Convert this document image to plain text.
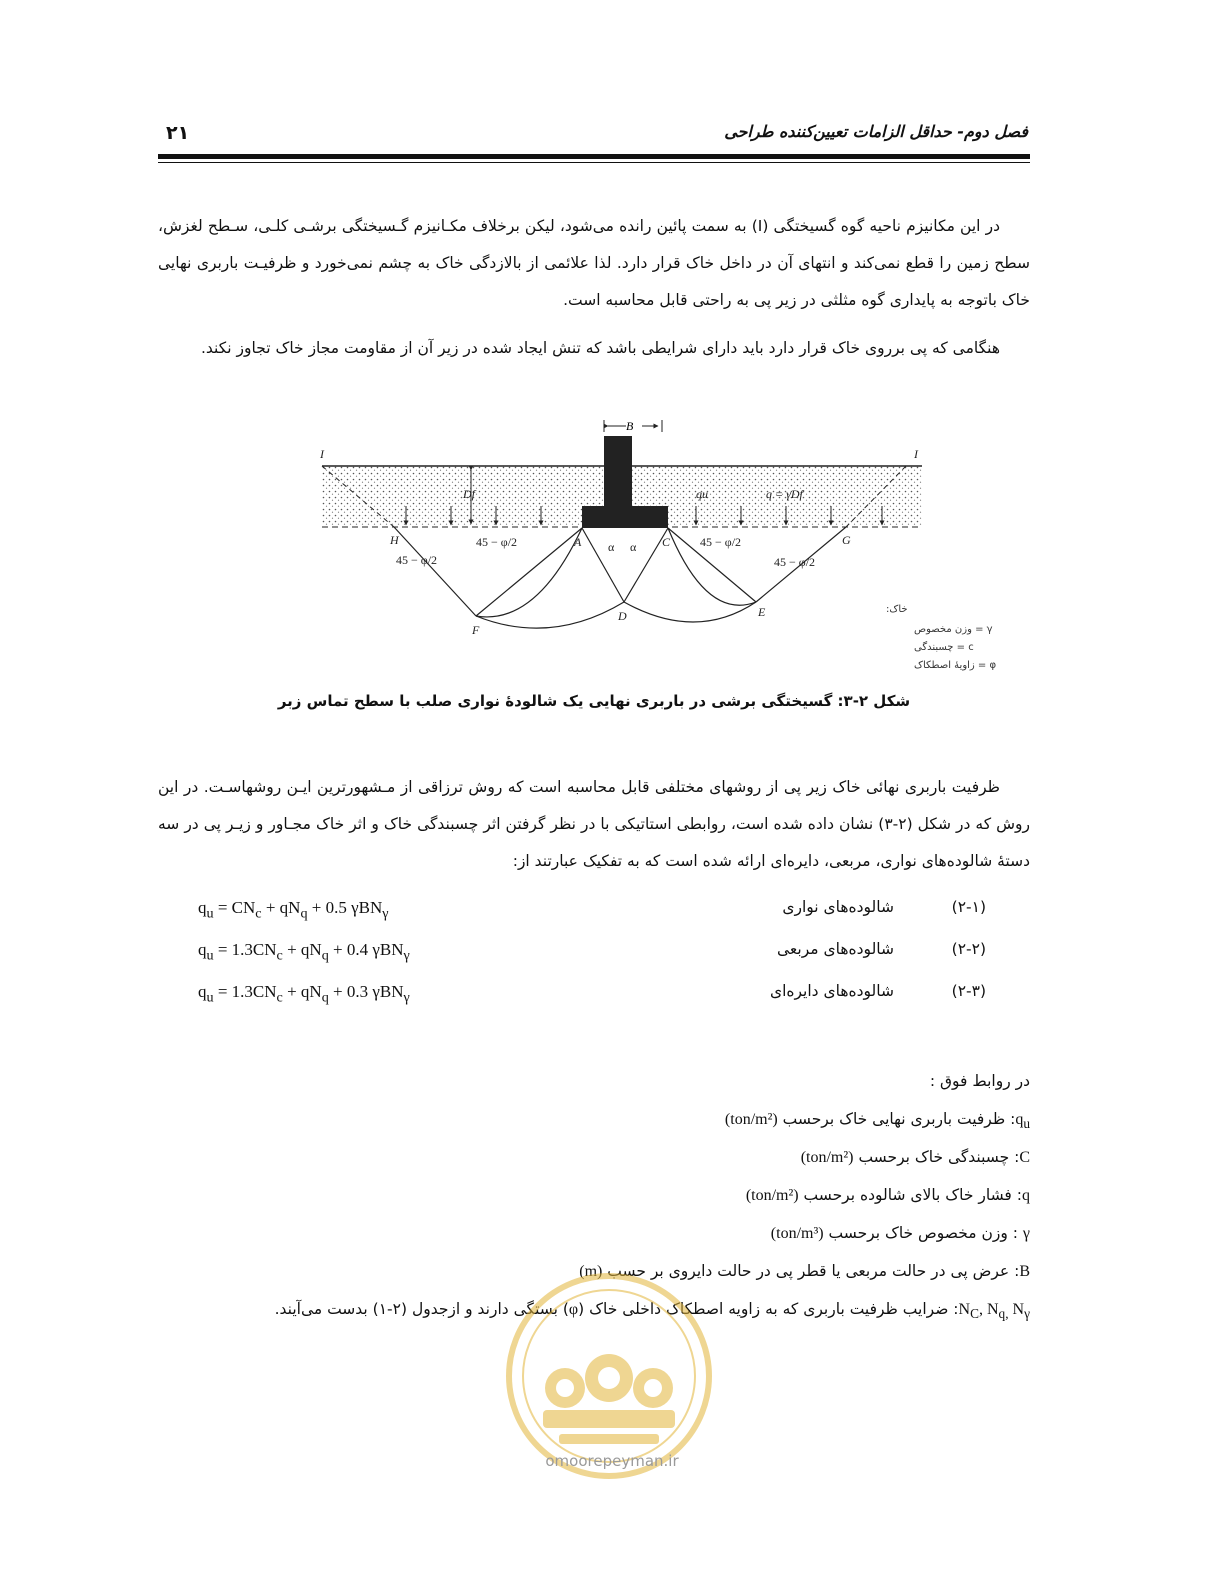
۲۱	فصل دوم- حداقل الزامات تعیین‌کننده طراحی

در این مکانیزم ناحیه گوه گسیختگی (I) به سمت پائین رانده می‌شود، لیکن برخلاف مکـانیزم گـسیختگی برشـی کلـی، سـطح لغزش، سطح زمین را قطع نمی‌کند و انتهای آن در داخل خاک قرار دارد. لذا علائمی از بالازدگی خاک به چشم نمی‌خورد و ظرفیـت باربری نهایی خاک باتوجه به پایداری گوه مثلثی در زیر پی به راحتی قابل محاسبه است.

هنگامی که پی برروی خاک قرار دارد باید دارای شرایطی باشد که تنش ایجاد شده در زیر آن از مقاومت مجاز خاک تجاوز نکند.

B
I	I
Df	qu	q = γDf
H	A α α C	G
45 − φ/2
45 − φ/2	45 − φ/2
45 − φ/2
F
D	E	خاک:
γ = وزن مخصوص
c = چسبندگی
φ = زاویهٔ اصطکاک
شکل ۲-۳: گسیختگی برشی در باربری نهایی یک شالودهٔ نواری صلب با سطح تماس زبر

ظرفیت باربری نهائی خاک زیر پی از روشهای مختلفی قابل محاسبه است که روش ترزاقی از مـشهورترین ایـن روشهاسـت. در این روش که در شکل (۲-۳) نشان داده شده است، روابطی استاتیکی با در نظر گرفتن اثر چسبندگی خاک و اثر خاک مجـاور و زیـر پی در سه دستهٔ شالوده‌های نواری، مربعی، دایره‌ای ارائه شده است که به تفکیک عبارتند از:

$q_u = CN_c + qN_q + 0.5$ γBN$_\gamma$	شالوده‌های نواری	(۲-۱)
$q_u = 1.3CN_c + qN_q + 0.4$ γBN$_\gamma$	شالوده‌های مربعی	(۲-۲)
$q_u = 1.3CN_c + qN_q + 0.3$ γBN$_\gamma$	شالوده‌های دایره‌ای	(۲-۳)
در روابط فوق :
$q_u$: ظرفیت باربری نهایی خاک برحسب (ton/m²)
C: چسبندگی خاک برحسب (ton/m²)
q: فشار خاک بالای شالوده برحسب (ton/m²)
γ : وزن مخصوص خاک برحسب (ton/m³)
B: عرض پی در حالت مربعی یا قطر پی در حالت دایروی بر حسب (m)
$N_C$, $N_{q,}$ $N_\gamma$: ضرایب ظرفیت باربری که به زاویه اصطکاک داخلی خاک (φ) بستگی دارند و ازجدول (۲-۱) بدست می‌آیند.
omoorepeyman.ir
